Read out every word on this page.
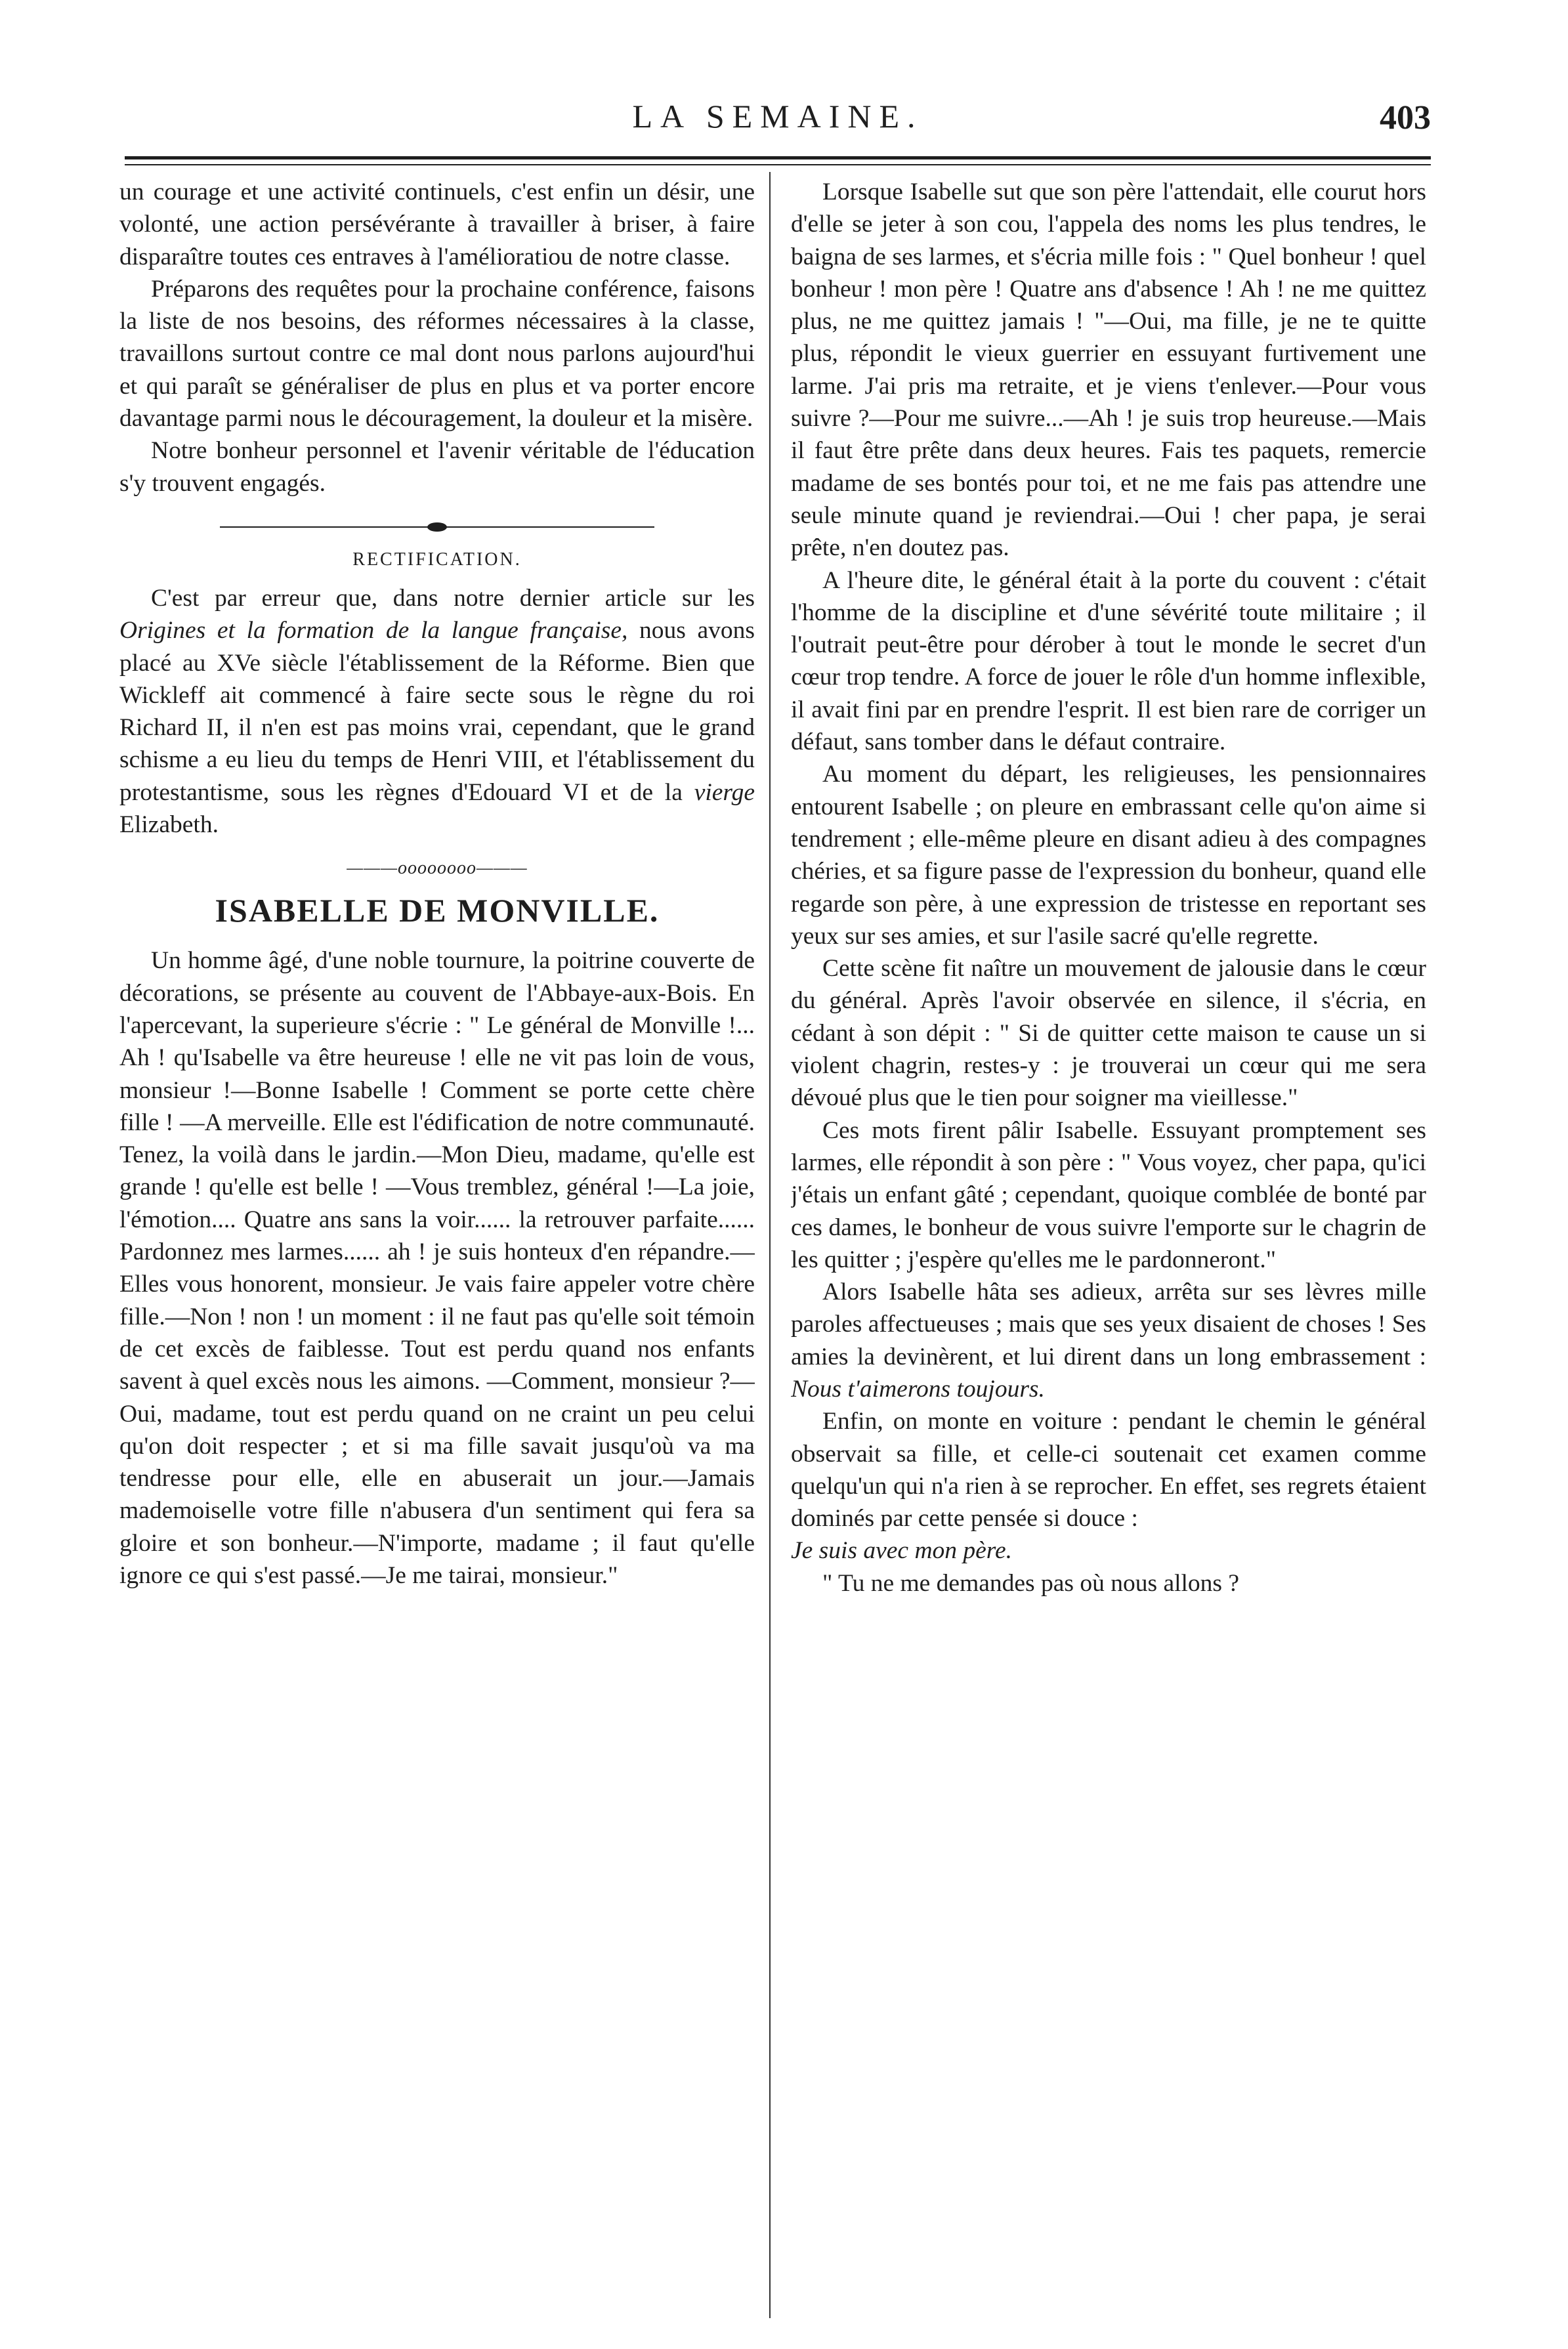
LA SEMAINE.	403

un courage et une activité continuels, c'est enfin un désir, une volonté, une action persévérante à travailler à briser, à faire disparaître toutes ces entraves à l'amélioratiou de notre classe.

Préparons des requêtes pour la prochaine conférence, faisons la liste de nos besoins, des réformes nécessaires à la classe, travaillons surtout contre ce mal dont nous parlons aujourd'hui et qui paraît se généraliser de plus en plus et va porter encore davantage parmi nous le découragement, la douleur et la misère.

Notre bonheur personnel et l'avenir véritable de l'éducation s'y trouvent engagés.

RECTIFICATION.

C'est par erreur que, dans notre dernier article sur les Origines et la formation de la langue française, nous avons placé au XVe siècle l'établissement de la Réforme. Bien que Wickleff ait commencé à faire secte sous le règne du roi Richard II, il n'en est pas moins vrai, cependant, que le grand schisme a eu lieu du temps de Henri VIII, et l'établissement du protestantisme, sous les règnes d'Edouard VI et de la vierge Elizabeth.

———oooooooo———
ISABELLE DE MONVILLE.

Un homme âgé, d'une noble tournure, la poitrine couverte de décorations, se présente au couvent de l'Abbaye-aux-Bois. En l'apercevant, la superieure s'écrie : " Le général de Monville !... Ah ! qu'Isabelle va être heureuse ! elle ne vit pas loin de vous, monsieur !—Bonne Isabelle ! Comment se porte cette chère fille ! —A merveille. Elle est l'édification de notre communauté. Tenez, la voilà dans le jardin.—Mon Dieu, madame, qu'elle est grande ! qu'elle est belle ! —Vous tremblez, général !—La joie, l'émotion.... Quatre ans sans la voir...... la retrouver parfaite...... Pardonnez mes larmes...... ah ! je suis honteux d'en répandre.—Elles vous honorent, monsieur. Je vais faire appeler votre chère fille.—Non ! non ! un moment : il ne faut pas qu'elle soit témoin de cet excès de faiblesse. Tout est perdu quand nos enfants savent à quel excès nous les aimons. —Comment, monsieur ?—Oui, madame, tout est perdu quand on ne craint un peu celui qu'on doit respecter ; et si ma fille savait jusqu'où va ma tendresse pour elle, elle en abuserait un jour.—Jamais mademoiselle votre fille n'abusera d'un sentiment qui fera sa gloire et son bonheur.—N'importe, madame ; il faut qu'elle ignore ce qui s'est passé.—Je me tairai, monsieur."

Lorsque Isabelle sut que son père l'attendait, elle courut hors d'elle se jeter à son cou, l'appela des noms les plus tendres, le baigna de ses larmes, et s'écria mille fois : " Quel bonheur ! quel bonheur ! mon père ! Quatre ans d'absence ! Ah ! ne me quittez plus, ne me quittez jamais ! "—Oui, ma fille, je ne te quitte plus, répondit le vieux guerrier en essuyant furtivement une larme. J'ai pris ma retraite, et je viens t'enlever.—Pour vous suivre ?—Pour me suivre...—Ah ! je suis trop heureuse.—Mais il faut être prête dans deux heures. Fais tes paquets, remercie madame de ses bontés pour toi, et ne me fais pas attendre une seule minute quand je reviendrai.—Oui ! cher papa, je serai prête, n'en doutez pas.

A l'heure dite, le général était à la porte du couvent : c'était l'homme de la discipline et d'une sévérité toute militaire ; il l'outrait peut-être pour dérober à tout le monde le secret d'un cœur trop tendre. A force de jouer le rôle d'un homme inflexible, il avait fini par en prendre l'esprit. Il est bien rare de corriger un défaut, sans tomber dans le défaut contraire.

Au moment du départ, les religieuses, les pensionnaires entourent Isabelle ; on pleure en embrassant celle qu'on aime si tendrement ; elle-même pleure en disant adieu à des compagnes chéries, et sa figure passe de l'expression du bonheur, quand elle regarde son père, à une expression de tristesse en reportant ses yeux sur ses amies, et sur l'asile sacré qu'elle regrette.

Cette scène fit naître un mouvement de jalousie dans le cœur du général. Après l'avoir observée en silence, il s'écria, en cédant à son dépit : " Si de quitter cette maison te cause un si violent chagrin, restes-y : je trouverai un cœur qui me sera dévoué plus que le tien pour soigner ma vieillesse."

Ces mots firent pâlir Isabelle. Essuyant promptement ses larmes, elle répondit à son père : " Vous voyez, cher papa, qu'ici j'étais un enfant gâté ; cependant, quoique comblée de bonté par ces dames, le bonheur de vous suivre l'emporte sur le chagrin de les quitter ; j'espère qu'elles me le pardonneront."

Alors Isabelle hâta ses adieux, arrêta sur ses lèvres mille paroles affectueuses ; mais que ses yeux disaient de choses ! Ses amies la devinèrent, et lui dirent dans un long embrassement : Nous t'aimerons toujours.

Enfin, on monte en voiture : pendant le chemin le général observait sa fille, et celle-ci soutenait cet examen comme quelqu'un qui n'a rien à se reprocher. En effet, ses regrets étaient dominés par cette pensée si douce :
Je suis avec mon père.

" Tu ne me demandes pas où nous allons ?
